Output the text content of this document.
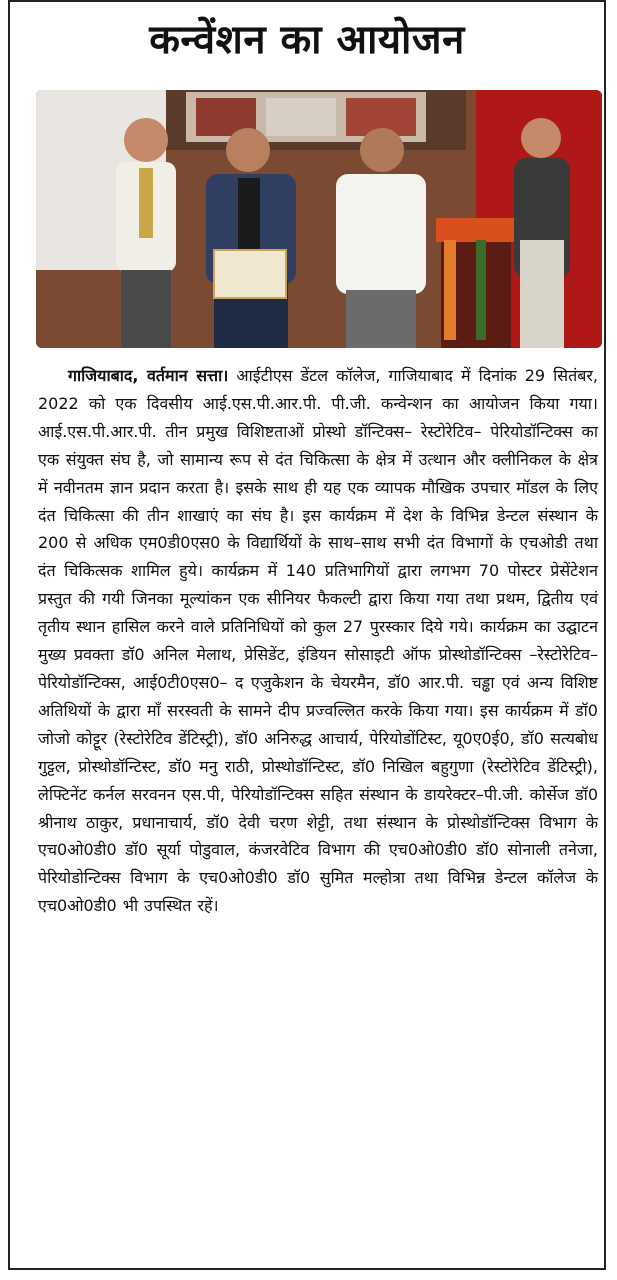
कन्वेंशन का आयोजन
गाजियाबाद, वर्तमान सत्ता। आईटीएस डेंटल कॉलेज, गाजियाबाद में दिनांक 29 सितंबर, 2022 को एक दिवसीय आई.एस.पी.आर.पी. पी.जी. कन्वेन्शन का आयोजन किया गया। आई.एस.पी.आर.पी. तीन प्रमुख विशिष्टताओं प्रोस्थो डॉन्टिक्स– रेस्टोरेटिव– पेरियोडॉन्टिक्स का एक संयुक्त संघ है, जो सामान्य रूप से दंत चिकित्सा के क्षेत्र में उत्थान और क्लीनिकल के क्षेत्र में नवीनतम ज्ञान प्रदान करता है। इसके साथ ही यह एक व्यापक मौखिक उपचार मॉडल के लिए दंत चिकित्सा की तीन शाखाएं का संघ है। इस कार्यक्रम में देश के विभिन्न डेन्टल संस्थान के 200 से अधिक एम0डी0एस0 के विद्यार्थियों के साथ–साथ सभी दंत विभागों के एचओडी तथा दंत चिकित्सक शामिल हुये। कार्यक्रम में 140 प्रतिभागियों द्वारा लगभग 70 पोस्टर प्रेसेंटेशन प्रस्तुत की गयी जिनका मूल्यांकन एक सीनियर फैकल्टी द्वारा किया गया तथा प्रथम, द्वितीय एवं तृतीय स्थान हासिल करने वाले प्रतिनिधियों को कुल 27 पुरस्कार दिये गये। कार्यक्रम का उद्घाटन मुख्य प्रवक्ता डॉ0 अनिल मेलाथ, प्रेसिडेंट, इंडियन सोसाइटी ऑफ प्रोस्थोडॉन्टिक्स –रेस्टोरेटिव– पेरियोडॉन्टिक्स, आई0टी0एस0– द एजुकेशन के चेयरमैन, डॉ0 आर.पी. चड्ढा एवं अन्य विशिष्ट अतिथियों के द्वारा माँ सरस्वती के सामने दीप प्रज्वल्लित करके किया गया। इस कार्यक्रम में डॉ0 जोजो कोट्टूर (रेस्टोरेटिव डेंटिस्ट्री), डॉ0 अनिरुद्ध आचार्य, पेरियोडोंटिस्ट, यू0ए0ई0, डॉ0 सत्यबोध गुट्टल, प्रोस्थोडॉन्टिस्ट, डॉ0 मनु राठी, प्रोस्थोडॉन्टिस्ट, डॉ0 निखिल बहुगुणा (रेस्टोरेटिव डेंटिस्ट्री), लेफ्टिनेंट कर्नल सरवनन एस.पी, पेरियोडॉन्टिक्स सहित संस्थान के डायरेक्टर–पी.जी. कोर्सेज डॉ0 श्रीनाथ ठाकुर, प्रधानाचार्य, डॉ0 देवी चरण शेट्टी, तथा संस्थान के प्रोस्थोडॉन्टिक्स विभाग के एच0ओ0डी0 डॉ0 सूर्या पोडुवाल, कंजरवेटिव विभाग की एच0ओ0डी0 डॉ0 सोनाली तनेजा, पेरियोडोन्टिक्स विभाग के एच0ओ0डी0 डॉ0 सुमित मल्होत्रा तथा विभिन्न डेन्टल कॉलेज के एच0ओ0डी0 भी उपस्थित रहें।
